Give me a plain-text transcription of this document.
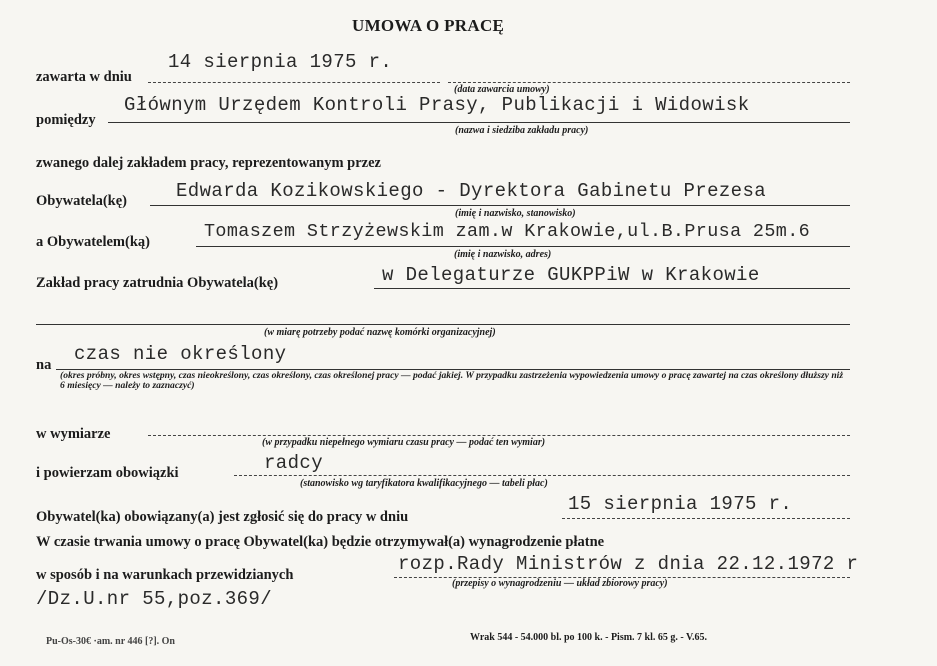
UMOWA O PRACĘ
zawarta w dniu
14 sierpnia 1975 r.
(data zawarcia umowy)
pomiędzy
Głównym Urzędem Kontroli Prasy, Publikacji i Widowisk
(nazwa i siedziba zakładu pracy)
zwanego dalej zakładem pracy, reprezentowanym przez
Obywatela(kę)	Edwarda Kozikowskiego - Dyrektora Gabinetu Prezesa
(imię i nazwisko, stanowisko)
a Obywatelem(ką)	Tomaszem Strzyżewskim zam.w Krakowie,ul.B.Prusa 25m.6
(imię i nazwisko, adres)
Zakład pracy zatrudnia Obywatela(kę)	w Delegaturze GUKPPiW w Krakowie
(w miarę potrzeby podać nazwę komórki organizacyjnej)
na czas nie określony
(okres próbny, okres wstępny, czas nieokreślony, czas określony, czas określonej pracy — podać jakiej. W przypadku zastrzeżenia wypowiedzenia umowy o pracę zawartej na czas określony dłuższy niż 6 miesięcy — należy to zaznaczyć)
w wymiarze
(w przypadku niepełnego wymiaru czasu pracy — podać ten wymiar)
i powierzam obowiązki	radcy
(stanowisko wg taryfikatora kwalifikacyjnego — tabeli płac)
Obywatel(ka) obowiązany(a) jest zgłosić się do pracy w dniu
15 sierpnia 1975 r.
W czasie trwania umowy o pracę Obywatel(ka) będzie otrzymywał(a) wynagrodzenie płatne
w sposób i na warunkach przewidzianych	rozp.Rady Ministrów z dnia 22.12.1972 r
(przepisy o wynagrodzeniu — układ zbiorowy pracy)
/Dz.U.nr 55,poz.369/
Pu-Os-30€ ·am. nr 446 [?]. On	Wrak 544 - 54.000 bl. po 100 k. - Pism. 7 kl. 65 g. - V.65.
